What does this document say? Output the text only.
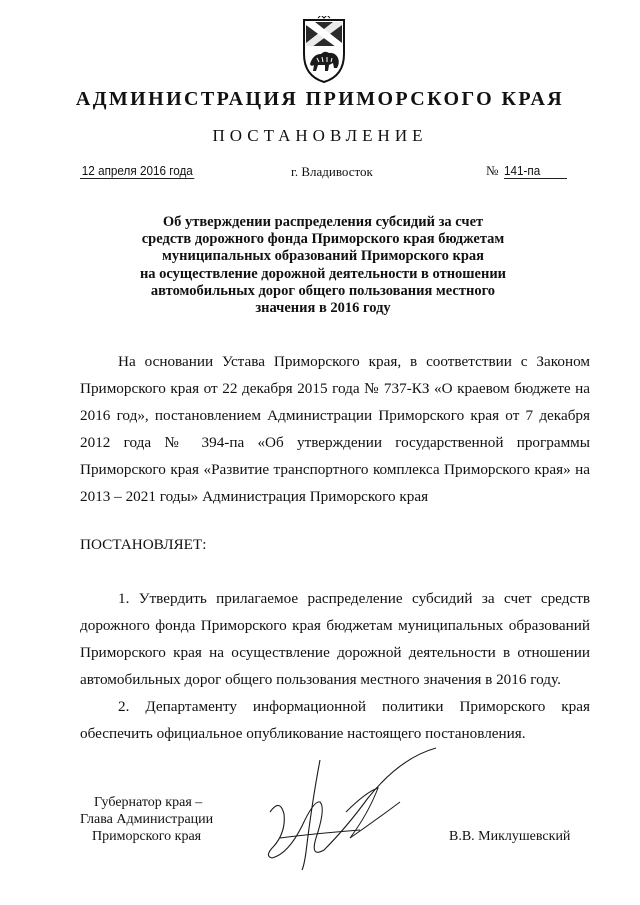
АДМИНИСТРАЦИЯ ПРИМОРСКОГО КРАЯ
ПОСТАНОВЛЕНИЕ
12 апреля 2016 года	г. Владивосток	№ 141-па
Об утверждении распределения субсидий за счет
средств дорожного фонда Приморского края бюджетам
муниципальных образований Приморского края
на осуществление дорожной деятельности в отношении
автомобильных дорог общего пользования местного
значения в 2016 году
На основании Устава Приморского края, в соответствии с Законом
Приморского края от 22 декабря 2015 года № 737-КЗ «О краевом бюджете на
2016 год», постановлением Администрации Приморского края от 7 декабря
2012 года № 394-па «Об утверждении государственной программы
Приморского края «Развитие транспортного комплекса Приморского края» на
2013 – 2021 годы» Администрация Приморского края
ПОСТАНОВЛЯЕТ:
1. Утвердить прилагаемое распределение субсидий за счет средств
дорожного фонда Приморского края бюджетам муниципальных образований
Приморского края на осуществление дорожной деятельности в отношении
автомобильных дорог общего пользования местного значения в 2016 году.
2. Департаменту информационной политики Приморского края
обеспечить официальное опубликование настоящего постановления.
Губернатор края –
Глава Администрации
Приморского края	В.В. Миклушевский
